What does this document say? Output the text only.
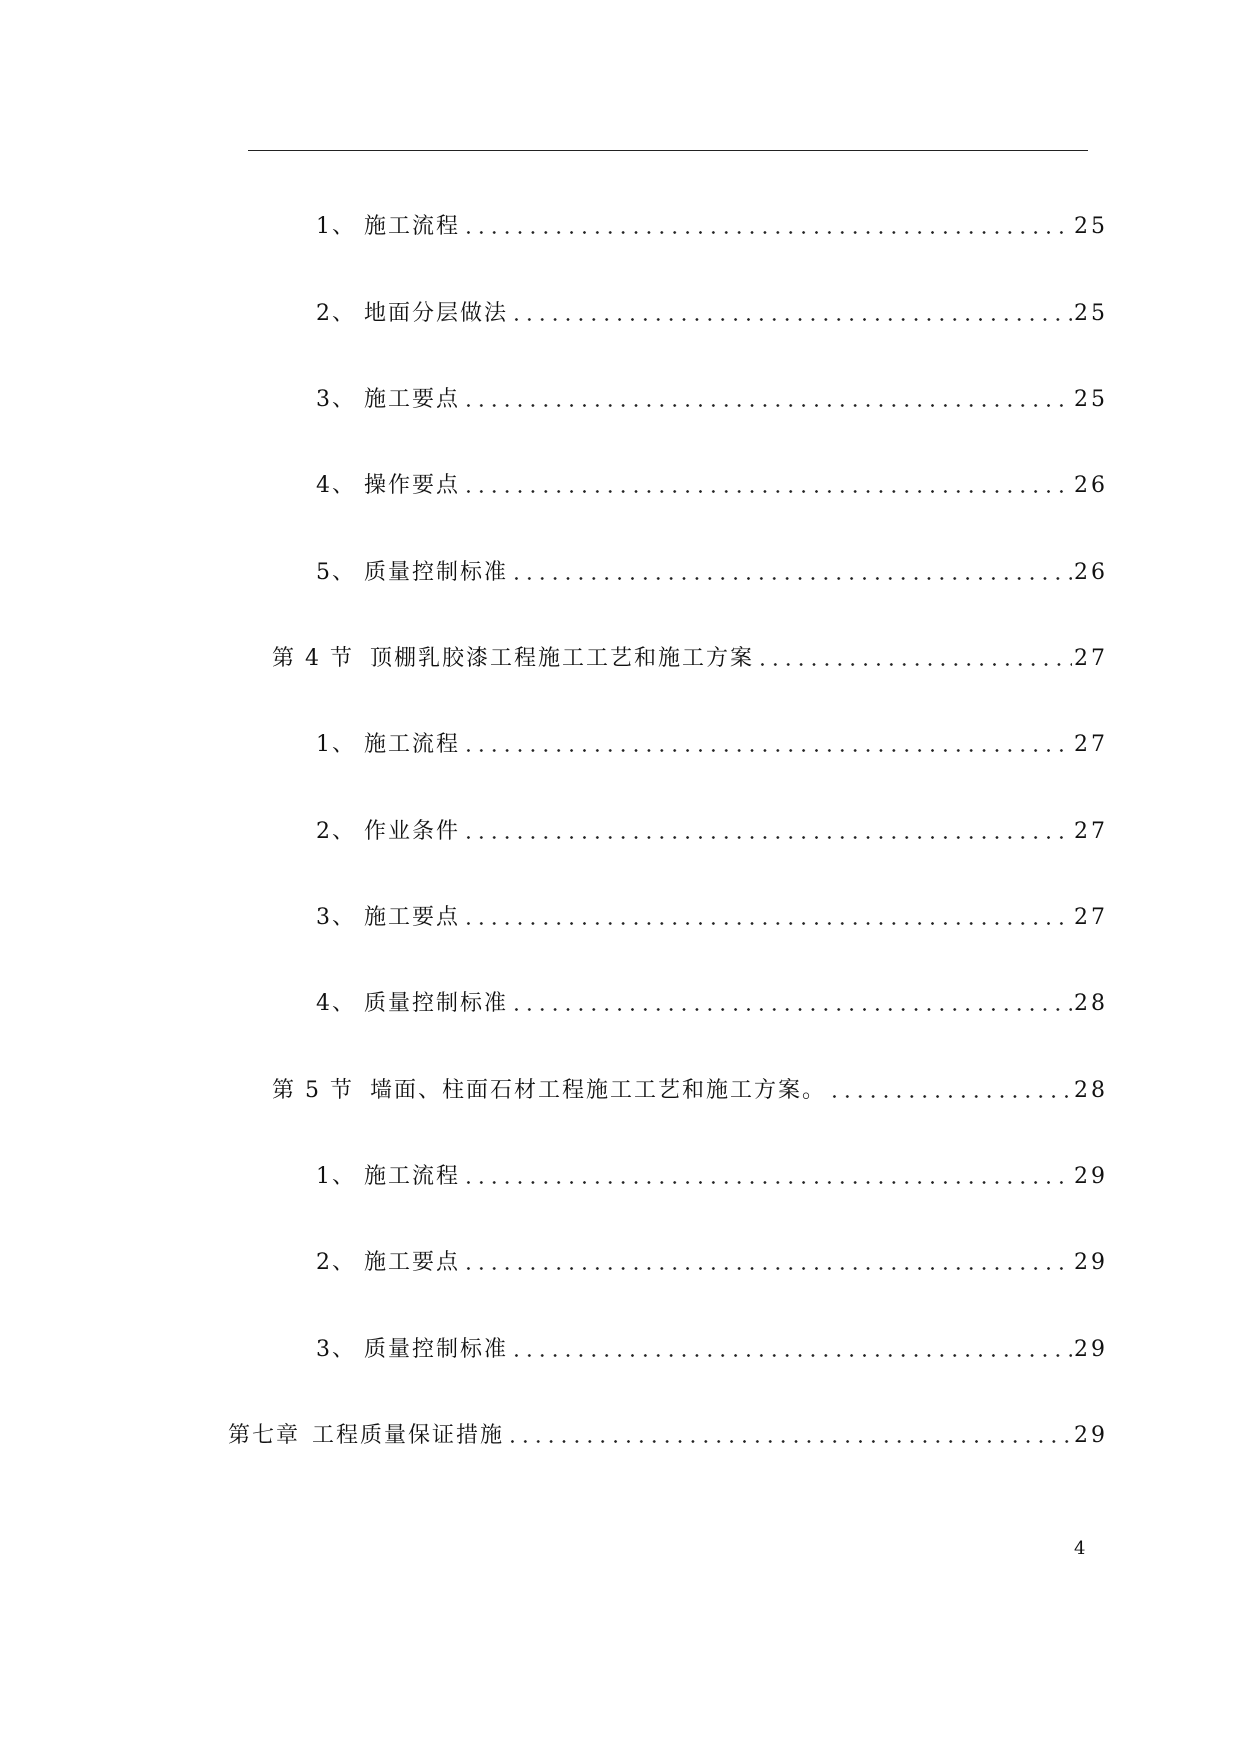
1、 施工流程	25
2、 地面分层做法	25
3、 施工要点	25
4、 操作要点	26
5、 质量控制标准	26
第 4 节 顶棚乳胶漆工程施工工艺和施工方案	27
1、 施工流程	27
2、 作业条件	27
3、 施工要点	27
4、 质量控制标准	28
第 5 节 墙面、柱面石材工程施工工艺和施工方案。	28
1、 施工流程	29
2、 施工要点	29
3、 质量控制标准	29
第七章 工程质量保证措施	29
4
